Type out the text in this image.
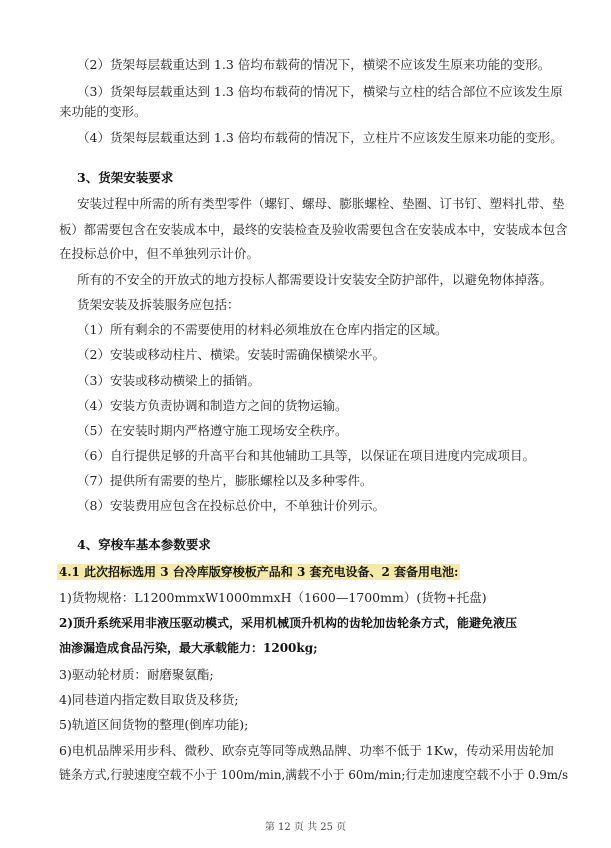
（2）货架每层载重达到 1.3 倍均布载荷的情况下，横梁不应该发生原来功能的变形。
（3）货架每层载重达到 1.3 倍均布载荷的情况下，横梁与立柱的结合部位不应该发生原
来功能的变形。
（4）货架每层载重达到 1.3 倍均布载荷的情况下，立柱片不应该发生原来功能的变形。
3、货架安装要求
安装过程中所需的所有类型零件（螺钉、螺母、膨胀螺栓、垫圈、订书钉、塑料扎带、垫
板）都需要包含在安装成本中，最终的安装检查及验收需要包含在安装成本中，安装成本包含
在投标总价中，但不单独列示计价。
所有的不安全的开放式的地方投标人都需要设计安装安全防护部件，以避免物体掉落。
货架安装及拆装服务应包括：
（1）所有剩余的不需要使用的材料必须堆放在仓库内指定的区域。
（2）安装或移动柱片、横梁。安装时需确保横梁水平。
（3）安装或移动横梁上的插销。
（4）安装方负责协调和制造方之间的货物运输。
（5）在安装时期内严格遵守施工现场安全秩序。
（6）自行提供足够的升高平台和其他辅助工具等，以保证在项目进度内完成项目。
（7）提供所有需要的垫片，膨胀螺栓以及多种零件。
（8）安装费用应包含在投标总价中，不单独计价列示。
4、穿梭车基本参数要求
4.1 此次招标选用 3 台冷库版穿梭板产品和 3 套充电设备、2 套备用电池:
1)货物规格：L1200mmxW1000mmxH（1600—1700mm）(货物+托盘)
2)顶升系统采用非液压驱动模式，采用机械顶升机构的齿轮加齿轮条方式，能避免液压
油渗漏造成食品污染，最大承载能力：1200kg;
3)驱动轮材质：耐磨聚氨酯;
4)同巷道内指定数目取货及移货;
5)轨道区间货物的整理(倒库功能);
6)电机品牌采用步科、微秒、欧奈克等同等成熟品牌、功率不低于 1Kw，传动采用齿轮加
链条方式,行驶速度空载不小于 100m/min,满载不小于 60m/min;行走加速度空载不小于 0.9m/s
第 12 页 共 25 页
